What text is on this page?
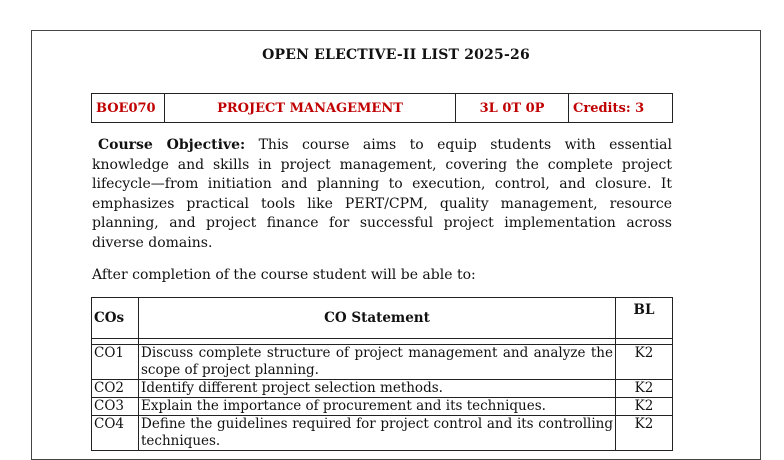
OPEN ELECTIVE-II LIST 2025-26
BOE070	PROJECT MANAGEMENT	3L 0T 0P	Credits: 3

Course Objective: This course aims to equip students with essential knowledge and skills in project management, covering the complete project lifecycle—from initiation and planning to execution, control, and closure. It emphasizes practical tools like PERT/CPM, quality management, resource planning, and project finance for successful project implementation across diverse domains.

After completion of the course student will be able to:

COs	CO Statement	BL

CO1	Discuss complete structure of project management and analyze the scope of project planning.	K2
CO2	Identify different project selection methods.	K2
CO3	Explain the importance of procurement and its techniques.	K2
CO4	Define the guidelines required for project control and its controlling techniques.	K2
